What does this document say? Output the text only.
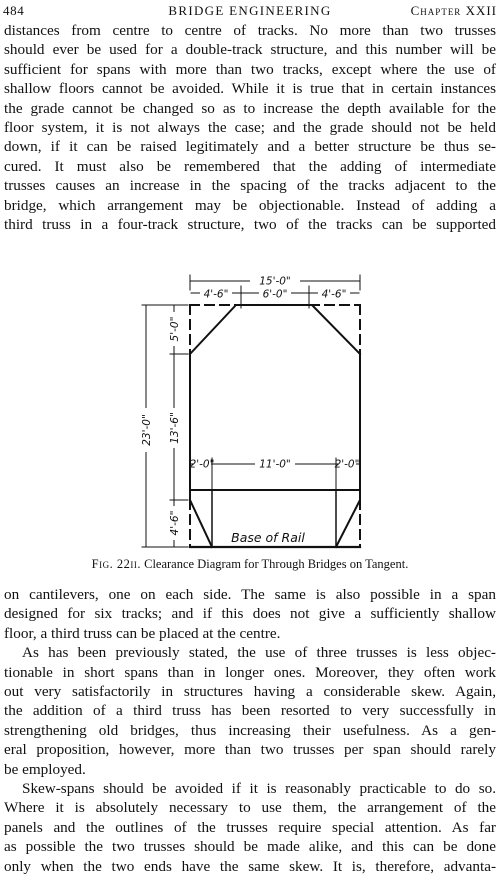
484	BRIDGE ENGINEERING	Chapter XXII
distances from centre to centre of tracks. No more than two trusses
should ever be used for a double-track structure, and this number will be
sufficient for spans with more than two tracks, except where the use of
shallow floors cannot be avoided. While it is true that in certain instances
the grade cannot be changed so as to increase the depth available for the
floor system, it is not always the case; and the grade should not be held
down, if it can be raised legitimately and a better structure be thus se-
cured. It must also be remembered that the adding of intermediate
trusses causes an increase in the spacing of the tracks adjacent to the
bridge, which arrangement may be objectionable. Instead of adding a
third truss in a four-track structure, two of the tracks can be supported
15'-0"
4'-6"	6'-0"	4'-6"
23'-0"
5'-0"
13'-6"
4'-6"
2'-0"	11'-0"	2'-0"
Base of Rail
Fig. 22ii. Clearance Diagram for Through Bridges on Tangent.
on cantilevers, one on each side. The same is also possible in a span
designed for six tracks; and if this does not give a sufficiently shallow
floor, a third truss can be placed at the centre.
As has been previously stated, the use of three trusses is less objec-
tionable in short spans than in longer ones. Moreover, they often work
out very satisfactorily in structures having a considerable skew. Again,
the addition of a third truss has been resorted to very successfully in
strengthening old bridges, thus increasing their usefulness. As a gen-
eral proposition, however, more than two trusses per span should rarely
be employed.
Skew-spans should be avoided if it is reasonably practicable to do so.
Where it is absolutely necessary to use them, the arrangement of the
panels and the outlines of the trusses require special attention. As far
as possible the two trusses should be made alike, and this can be done
only when the two ends have the same skew. It is, therefore, advanta-
